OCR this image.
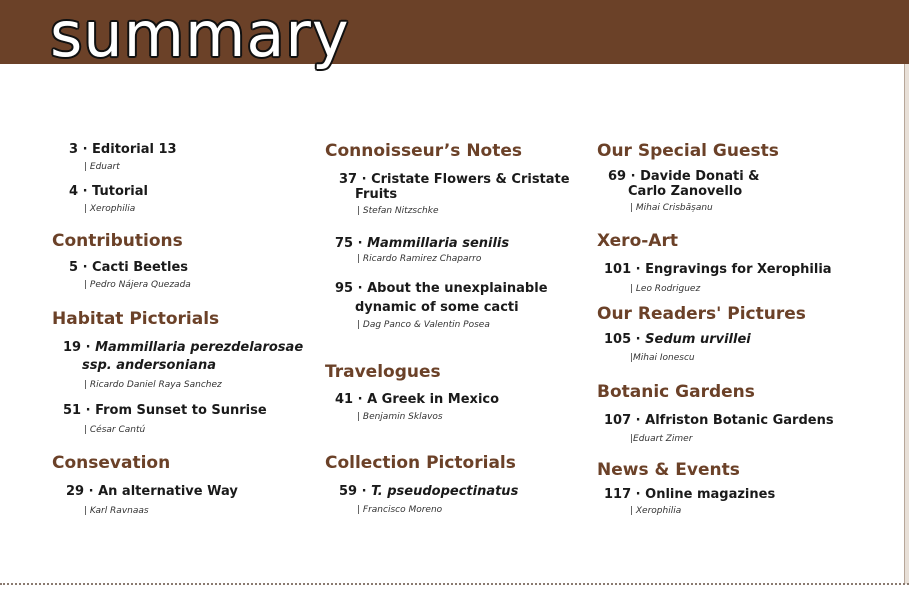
summary
3 · Editorial 13
| Eduart
4 · Tutorial
| Xerophilia
Contributions
5 · Cacti Beetles
| Pedro Nájera Quezada
Habitat Pictorials
19 · Mammillaria perezdelarosae
ssp. andersoniana
| Ricardo Daniel Raya Sanchez
51 · From Sunset to Sunrise
| César Cantú
Consevation
29 · An alternative Way
| Karl Ravnaas
Connoisseur’s Notes
37 · Cristate Flowers & Cristate
Fruits
| Stefan Nitzschke
75 · Mammillaria senilis
| Ricardo Ramirez Chaparro
95 · About the unexplainable
dynamic of some cacti
| Dag Panco & Valentin Posea
Travelogues
41 · A Greek in Mexico
| Benjamin Sklavos
Collection Pictorials
59 · T. pseudopectinatus
| Francisco Moreno
Our Special Guests
69 · Davide Donati &
Carlo Zanovello
| Mihai Crisbășanu
Xero-Art
101 · Engravings for Xerophilia
| Leo Rodriguez
Our Readers' Pictures
105 · Sedum urvillei
|Mihai Ionescu
Botanic Gardens
107 · Alfriston Botanic Gardens
|Eduart Zimer
News & Events
117 · Online magazines
| Xerophilia
